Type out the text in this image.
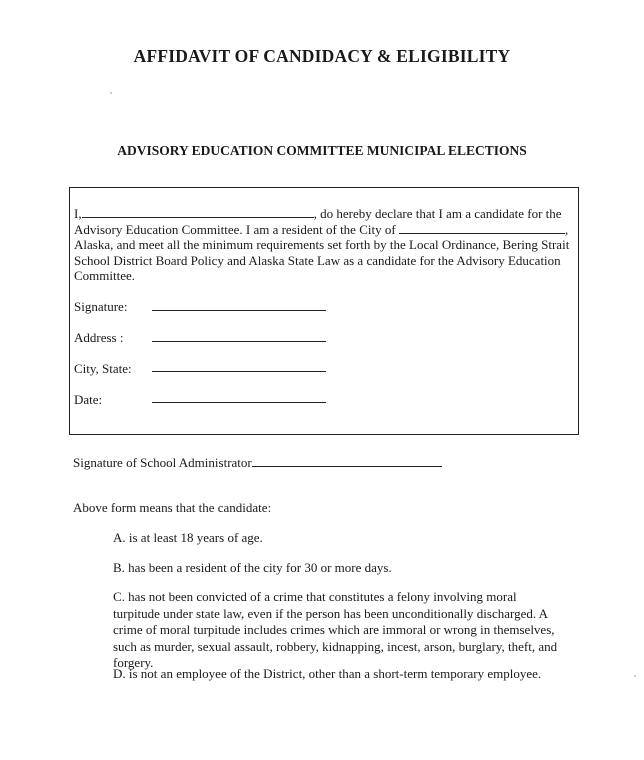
AFFIDAVIT OF CANDIDACY & ELIGIBILITY
ADVISORY EDUCATION COMMITTEE MUNICIPAL ELECTIONS
I,	, do hereby declare that I am a candidate for the Advisory Education Committee. I am a resident of the City of	, Alaska, and meet all the minimum requirements set forth by the Local Ordinance, Bering Strait School District Board Policy and Alaska State Law as a candidate for the Advisory Education Committee.
Signature:
Address :
City, State:
Date:
Signature of School Administrator
Above form means that the candidate:
A. is at least 18 years of age.
B. has been a resident of the city for 30 or more days.
C. has not been convicted of a crime that constitutes a felony involving moral turpitude under state law, even if the person has been unconditionally discharged. A crime of moral turpitude includes crimes which are immoral or wrong in themselves, such as murder, sexual assault, robbery, kidnapping, incest, arson, burglary, theft, and forgery.
D. is not an employee of the District, other than a short-term temporary employee.
